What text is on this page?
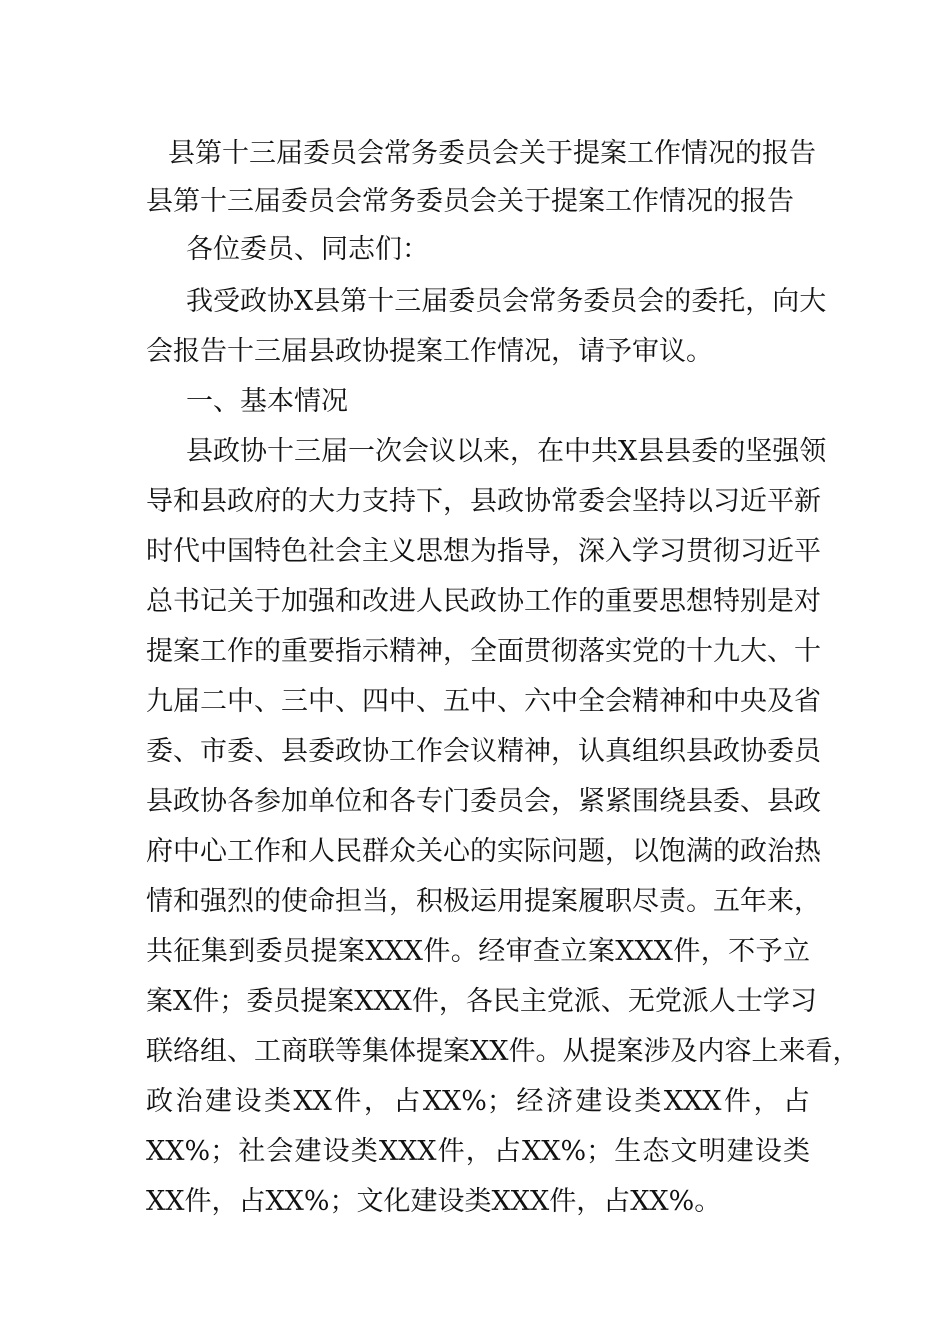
县第十三届委员会常务委员会关于提案工作情况的报告
县第十三届委员会常务委员会关于提案工作情况的报告
各位委员、同志们：
我受政协X县第十三届委员会常务委员会的委托，向大
会报告十三届县政协提案工作情况，请予审议。
一、基本情况
县政协十三届一次会议以来，在中共X县县委的坚强领
导和县政府的大力支持下，县政协常委会坚持以习近平新
时代中国特色社会主义思想为指导，深入学习贯彻习近平
总书记关于加强和改进人民政协工作的重要思想特别是对
提案工作的重要指示精神，全面贯彻落实党的十九大、十
九届二中、三中、四中、五中、六中全会精神和中央及省
委、市委、县委政协工作会议精神，认真组织县政协委员
县政协各参加单位和各专门委员会，紧紧围绕县委、县政
府中心工作和人民群众关心的实际问题，以饱满的政治热
情和强烈的使命担当，积极运用提案履职尽责。五年来，
共征集到委员提案XXX件。经审查立案XXX件，不予立
案X件；委员提案XXX件，各民主党派、无党派人士学习
联络组、工商联等集体提案XX件。从提案涉及内容上来看，
政治建设类XX件，占XX%；经济建设类XXX件，占
XX%；社会建设类XXX件，占XX%；生态文明建设类
XX件，占XX%；文化建设类XXX件，占XX%。
